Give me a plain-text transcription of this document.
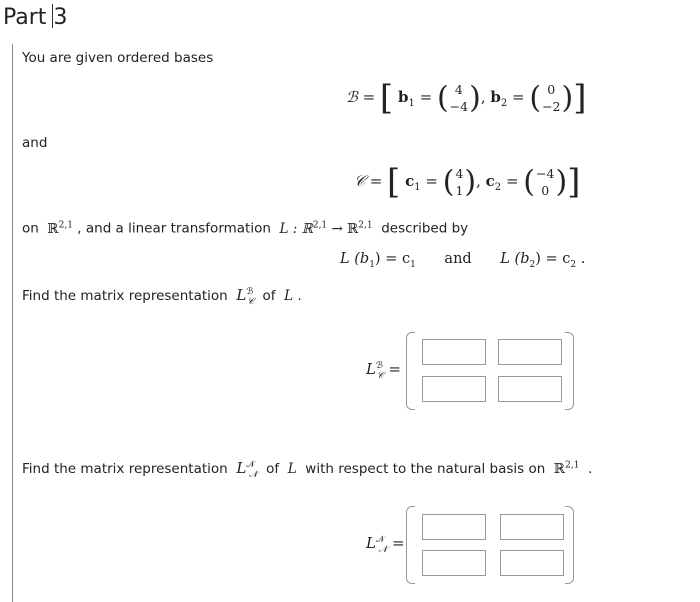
Part 3
You are given ordered bases
ℬ = [ $b_1$ = ( 4
−4 ), $b_2$ = ( 0
−2 )]
and
𝒞 = [ $c_1$ = ( 4
1 ), $c_2$ = ( −4
0 )]
on ℝ$^{2,1}$ , and a linear transformation L : ℝ$^{2,1}$ → ℝ$^{2,1}$ described by
L $(b_1) = c_1$ and L $(b_2) = c_2$ .
Find the matrix representation $L^ℬ_𝒞$ of L .
$L^ℬ_𝒞$ =
Find the matrix representation $L^𝒩_𝒩$ of L with respect to the natural basis on ℝ$^{2,1}$ .
$L^𝒩_𝒩$ =
